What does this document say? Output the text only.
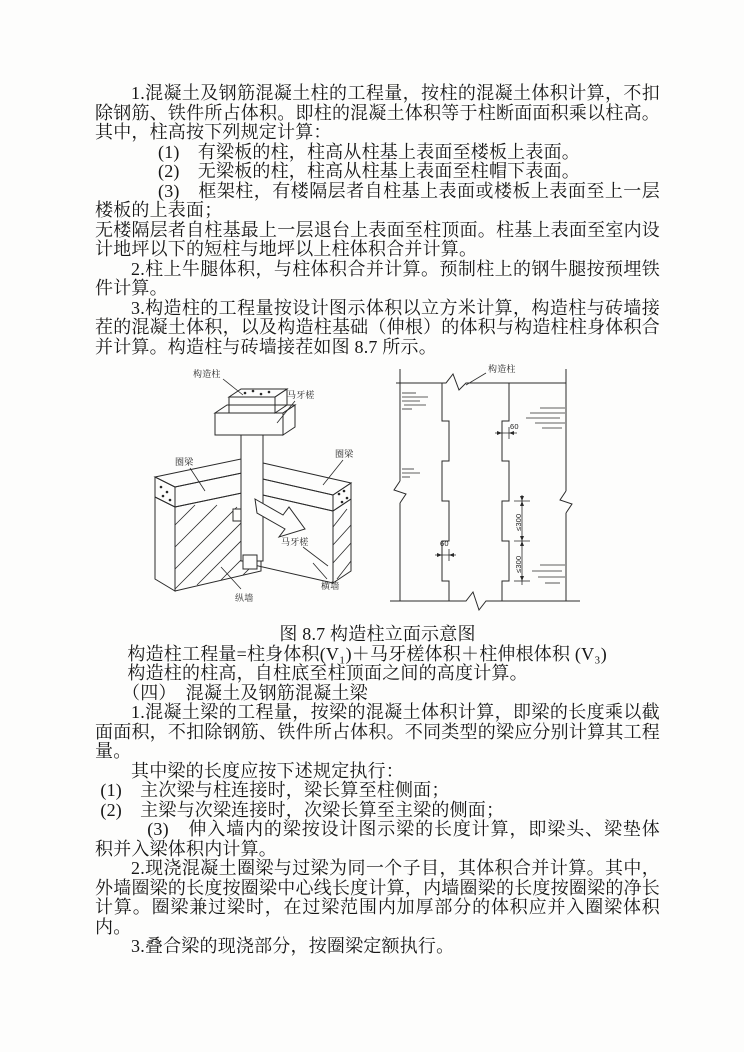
1.混凝土及钢筋混凝土柱的工程量，按柱的混凝土体积计算，不扣除钢筋、铁件所占体积。即柱的混凝土体积等于柱断面面积乘以柱高。其中，柱高按下列规定计算：

(1)　有梁板的柱，柱高从柱基上表面至楼板上表面。

(2)　无梁板的柱，柱高从柱基上表面至柱帽下表面。

(3)　框架柱，有楼隔层者自柱基上表面或楼板上表面至上一层楼板的上表面；

无楼隔层者自柱基最上一层退台上表面至柱顶面。柱基上表面至室内设计地坪以下的短柱与地坪以上柱体积合并计算。

2.柱上牛腿体积，与柱体积合并计算。预制柱上的钢牛腿按预埋铁件计算。

3.构造柱的工程量按设计图示体积以立方米计算，构造柱与砖墙接茬的混凝土体积，以及构造柱基础（伸根）的体积与构造柱柱身体积合并计算。构造柱与砖墙接茬如图 8.7 所示。

构造柱
马牙槎
圈梁
圈梁
马牙槎
横墙
纵墙
60
60
≤300
≤300
构造柱

图 8.7 构造柱立面示意图

构造柱工程量=柱身体积(V₁)＋马牙槎体积＋柱伸根体积 (V₃)

构造柱的柱高，自柱底至柱顶面之间的高度计算。

（四）　混凝土及钢筋混凝土梁

1.混凝土梁的工程量，按梁的混凝土体积计算，即梁的长度乘以截面面积，不扣除钢筋、铁件所占体积。不同类型的梁应分别计算其工程量。

其中梁的长度应按下述规定执行：

(1)　主次梁与柱连接时，梁长算至柱侧面；

(2)　主梁与次梁连接时，次梁长算至主梁的侧面；

(3)　伸入墙内的梁按设计图示梁的长度计算，即梁头、梁垫体积并入梁体积内计算。

2.现浇混凝土圈梁与过梁为同一个子目，其体积合并计算。其中，外墙圈梁的长度按圈梁中心线长度计算，内墙圈梁的长度按圈梁的净长计算。圈梁兼过梁时，在过梁范围内加厚部分的体积应并入圈梁体积内。

3.叠合梁的现浇部分，按圈梁定额执行。
